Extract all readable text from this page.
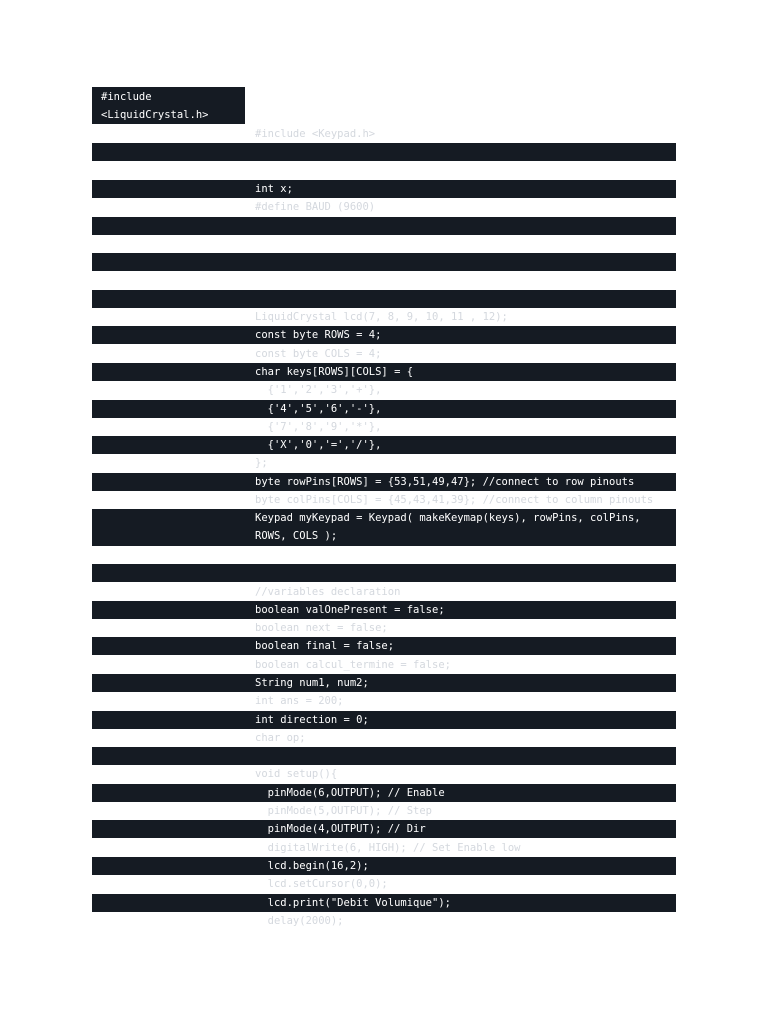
#include
<LiquidCrystal.h>
#include <Keypad.h>
int x;
#define BAUD (9600)
LiquidCrystal lcd(7, 8, 9, 10, 11 , 12);
const byte ROWS = 4;
const byte COLS = 4;
char keys[ROWS][COLS] = {
{'1','2','3','+'},
{'4','5','6','-'},
{'7','8','9','*'},
{'X','0','=','/'},
};
byte rowPins[ROWS] = {53,51,49,47}; //connect to row pinouts
byte colPins[COLS] = {45,43,41,39}; //connect to column pinouts
Keypad myKeypad = Keypad( makeKeymap(keys), rowPins, colPins, ROWS, COLS );
//variables declaration
boolean valOnePresent = false;
boolean next = false;
boolean final = false;
boolean calcul_termine = false;
String num1, num2;
int ans = 200;
int direction = 0;
char op;
void setup(){
pinMode(6,OUTPUT); // Enable
pinMode(5,OUTPUT); // Step
pinMode(4,OUTPUT); // Dir
digitalWrite(6, HIGH); // Set Enable low
lcd.begin(16,2);
lcd.setCursor(0,0);
lcd.print("Debit Volumique");
delay(2000);
